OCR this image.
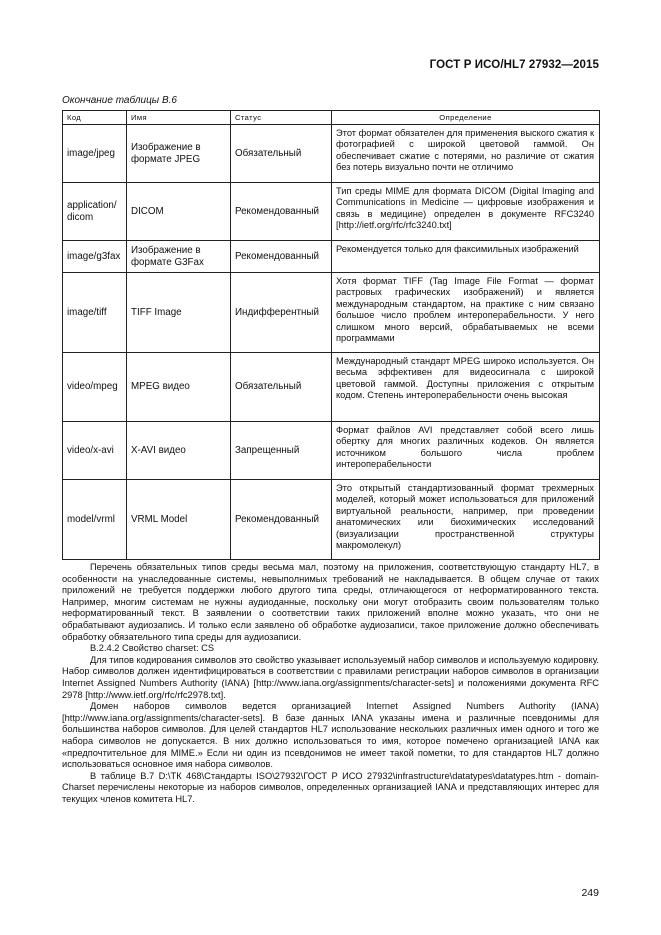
ГОСТ Р ИСО/HL7 27932—2015
Окончание таблицы В.6
Код	Имя	Статус	Определение
image/jpeg	Изображение в формате JPEG	Обязательный	Этот формат обязателен для применения выского сжатия к фотографией с широкой цветовой гаммой. Он обеспечивает сжатие с потерями, но различие от сжатия без потерь визуально почти не отличимо
application/ dicom	DICOM	Рекомендованный	Тип среды MIME для формата DICOM (Digital Imaging and Communications in Medicine — цифровые изображения и связь в медицине) определен в документе RFC3240 [http://ietf.org/rfc/rfc3240.txt]
image/g3fax	Изображение в формате G3Fax	Рекомендованный	Рекомендуется только для факсимильных изображений
image/tiff	TIFF Image	Индифферентный	Хотя формат TIFF (Tag Image File Format — формат растровых графических изображений) и является международным стандартом, на практике с ним связано большое число проблем интероперабельности. У него слишком много версий, обрабатываемых не всеми программами
video/mpeg	MPEG видео	Обязательный	Международный стандарт MPEG широко используется. Он весьма эффективен для видеосигнала с широкой цветовой гаммой. Доступны приложения с открытым кодом. Степень интероперабельности очень высокая
video/x-avi	X-AVI видео	Запрещенный	Формат файлов AVI представляет собой всего лишь обертку для многих различных кодеков. Он является источником большого числа проблем интероперабельности
model/vrml	VRML Model	Рекомендованный	Это открытый стандартизованный формат трехмерных моделей, который может использоваться для приложений виртуальной реальности, например, при проведении анатомических или биохимических исследований (визуализации пространственной структуры макромолекул)

Перечень обязательных типов среды весьма мал, поэтому на приложения, соответствующую стандарту HL7, в особенности на унаследованные системы, невыполнимых требований не накладывается. В общем случае от таких приложений не требуется поддержки любого другого типа среды, отличающегося от неформатированного текста. Например, многим системам не нужны аудиоданные, поскольку они могут отобразить своим пользователям только неформатированный текст. В заявлении о соответствии таких приложений вполне можно указать, что они не обрабатывают аудиозапись. И только если заявлено об обработке аудиозаписи, такое приложение должно обеспечивать обработку обязательного типа среды для аудиозаписи.

В.2.4.2 Свойство charset: CS

Для типов кодирования символов это свойство указывает используемый набор символов и используемую кодировку. Набор символов должен идентифицироваться в соответствии с правилами регистрации наборов символов в организации Internet Assigned Numbers Authority (IANA) [http://www.iana.org/assignments/character-sets] и положениями документа RFC 2978 [http://www.ietf.org/rfc/rfc2978.txt].

Домен наборов символов ведется организацией Internet Assigned Numbers Authority (IANA) [http://www.iana.org/assignments/character-sets]. В базе данных IANA указаны имена и различные псевдонимы для большинства наборов символов. Для целей стандартов HL7 использование нескольких различных имен одного и того же набора символов не допускается. В них должно использоваться то имя, которое помечено организацией IANA как «предпочтительное для MIME.» Если ни один из псевдонимов не имеет такой пометки, то для стандартов HL7 должно использоваться основное имя набора символов.

В таблице В.7 D:\ТК 468\Стандарты ISO\27932\ГОСТ Р ИСО 27932\infrastructure\datatypes\datatypes.htm - domain-Charset перечислены некоторые из наборов символов, определенных организацией IANA и представляющих интерес для текущих членов комитета HL7.

249
